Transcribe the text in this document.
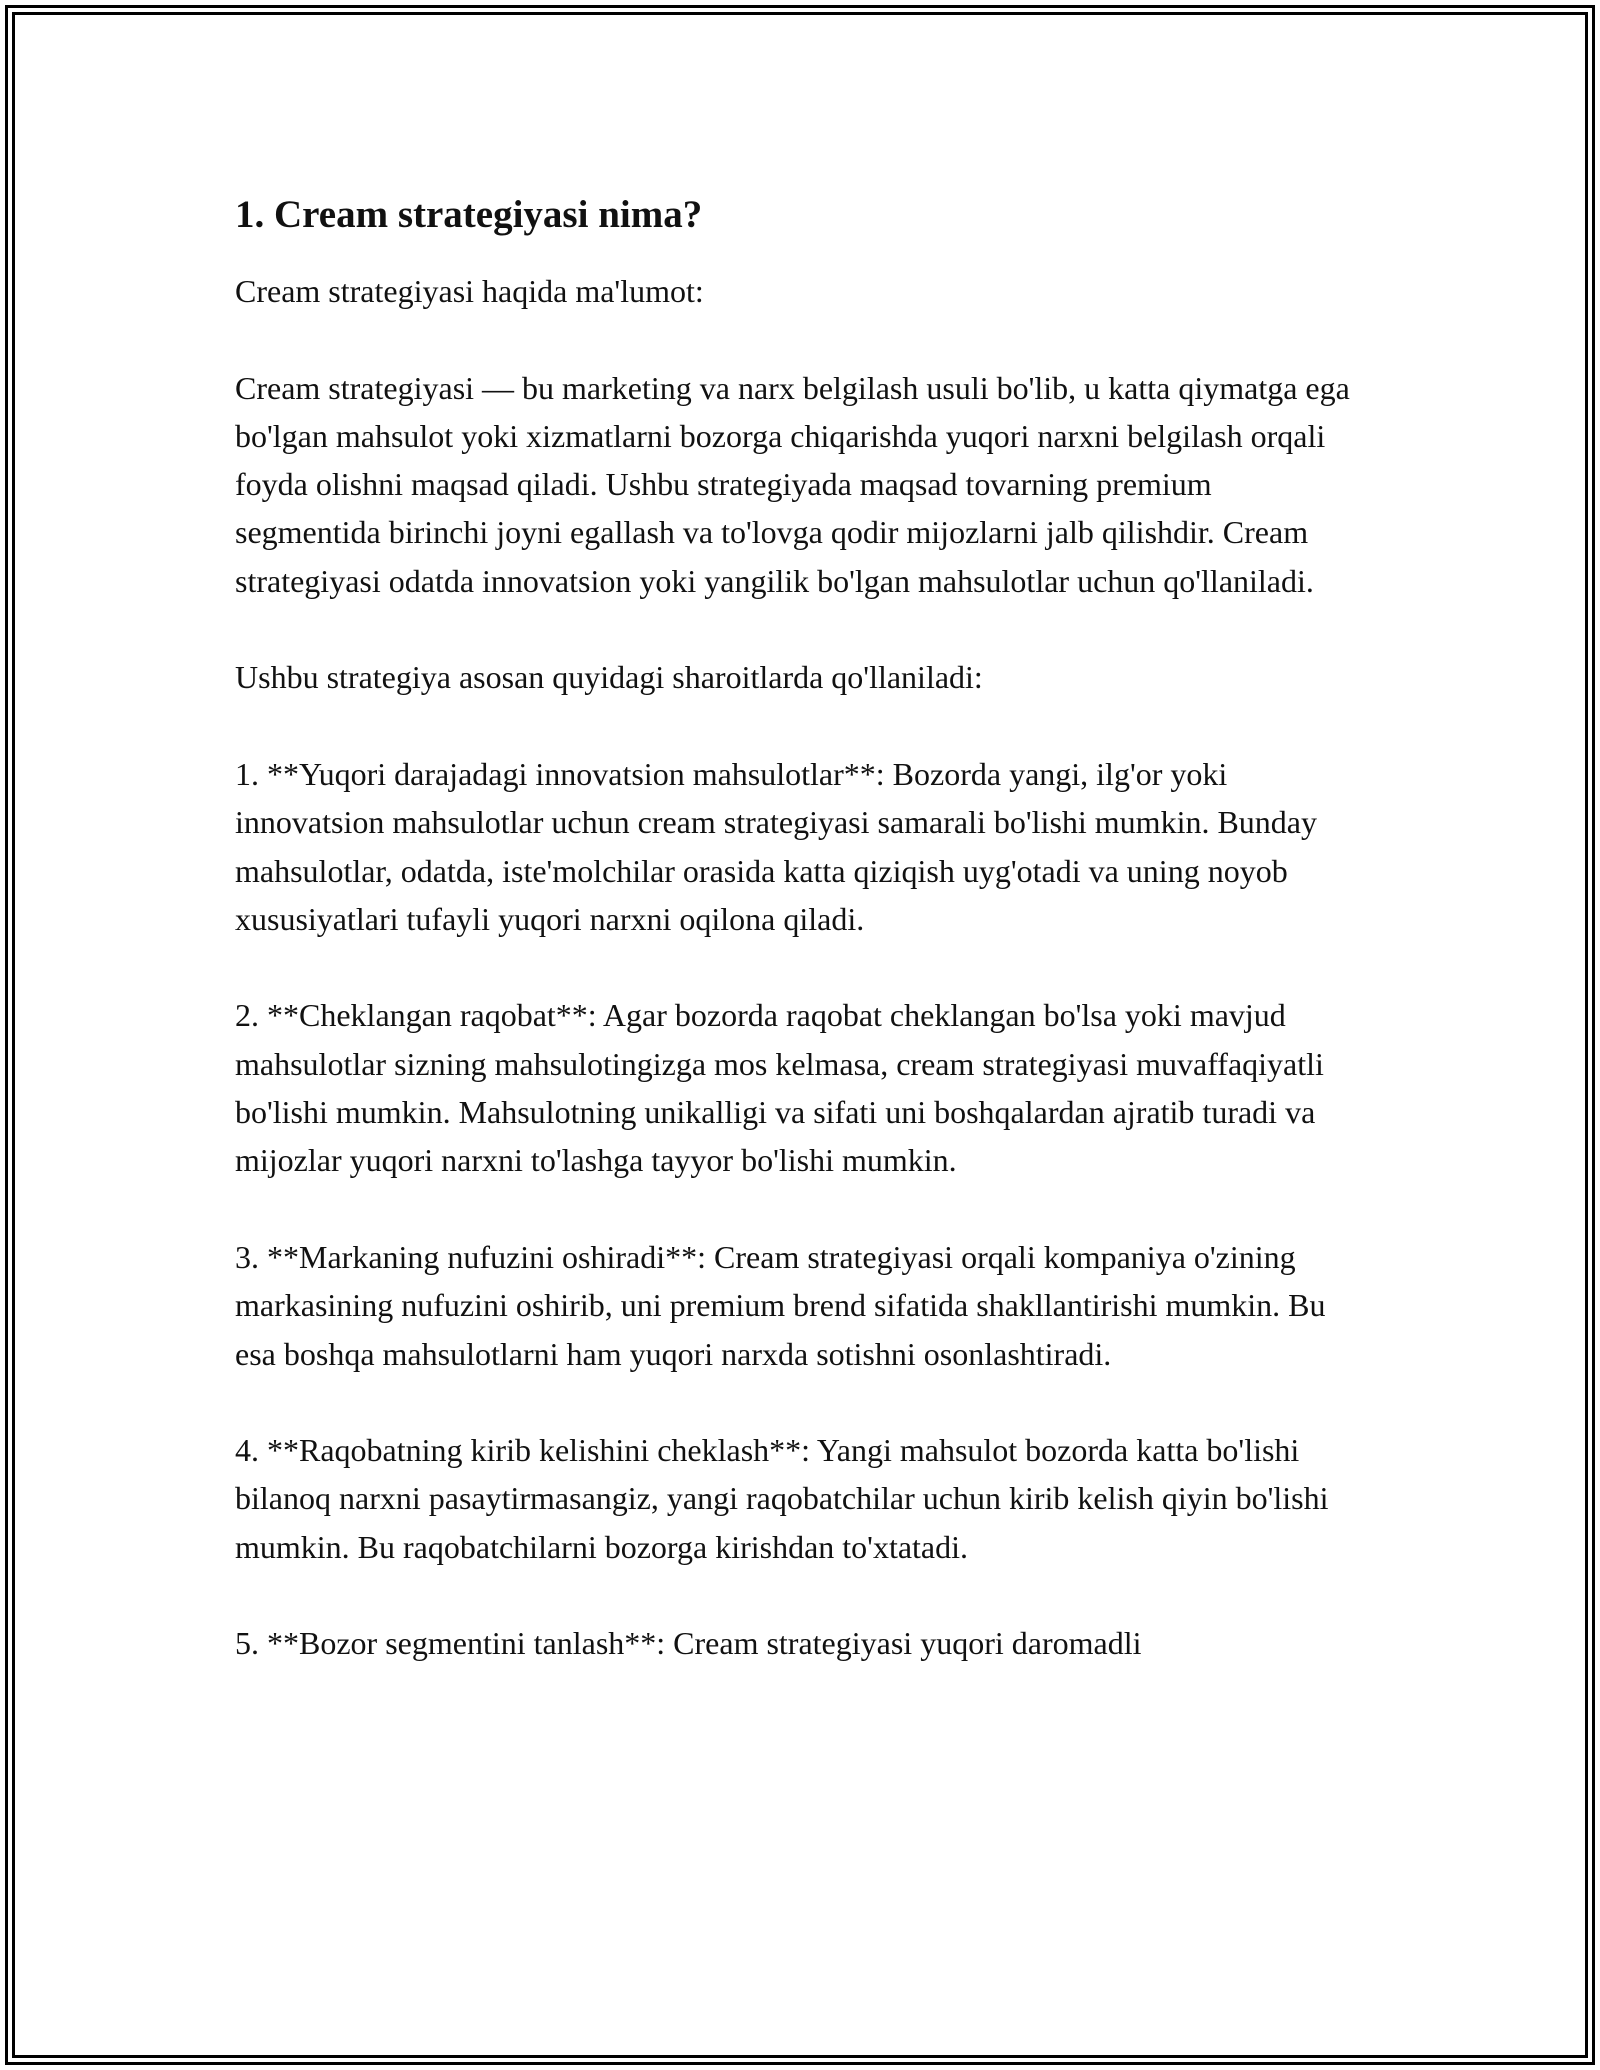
1. Cream strategiyasi nima?

Cream strategiyasi haqida ma'lumot:

Cream strategiyasi — bu marketing va narx belgilash usuli bo'lib, u katta qiymatga ega bo'lgan mahsulot yoki xizmatlarni bozorga chiqarishda yuqori narxni belgilash orqali foyda olishni maqsad qiladi. Ushbu strategiyada maqsad tovarning premium segmentida birinchi joyni egallash va to'lovga qodir mijozlarni jalb qilishdir. Cream strategiyasi odatda innovatsion yoki yangilik bo'lgan mahsulotlar uchun qo'llaniladi.

Ushbu strategiya asosan quyidagi sharoitlarda qo'llaniladi:

1. **Yuqori darajadagi innovatsion mahsulotlar**: Bozorda yangi, ilg'or yoki innovatsion mahsulotlar uchun cream strategiyasi samarali bo'lishi mumkin. Bunday mahsulotlar, odatda, iste'molchilar orasida katta qiziqish uyg'otadi va uning noyob xususiyatlari tufayli yuqori narxni oqilona qiladi.

2. **Cheklangan raqobat**: Agar bozorda raqobat cheklangan bo'lsa yoki mavjud mahsulotlar sizning mahsulotingizga mos kelmasa, cream strategiyasi muvaffaqiyatli bo'lishi mumkin. Mahsulotning unikalligi va sifati uni boshqalardan ajratib turadi va mijozlar yuqori narxni to'lashga tayyor bo'lishi mumkin.

3. **Markaning nufuzini oshiradi**: Cream strategiyasi orqali kompaniya o'zining markasining nufuzini oshirib, uni premium brend sifatida shakllantirishi mumkin. Bu esa boshqa mahsulotlarni ham yuqori narxda sotishni osonlashtiradi.

4. **Raqobatning kirib kelishini cheklash**: Yangi mahsulot bozorda katta bo'lishi bilanoq narxni pasaytirmasangiz, yangi raqobatchilar uchun kirib kelish qiyin bo'lishi mumkin. Bu raqobatchilarni bozorga kirishdan to'xtatadi.

5. **Bozor segmentini tanlash**: Cream strategiyasi yuqori daromadli
